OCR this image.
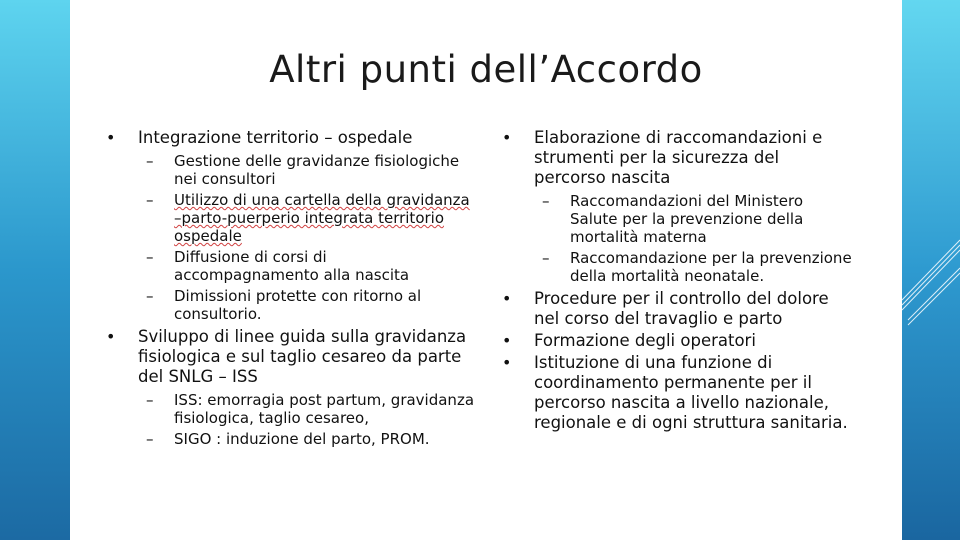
Altri punti dell’Accordo
• Integrazione territorio – ospedale
– Gestione delle gravidanze fisiologiche nei consultori
– Utilizzo di una cartella della gravidanza –parto-puerperio integrata territorio ospedale
– Diffusione di corsi di accompagnamento alla nascita
– Dimissioni protette con ritorno al consultorio.
• Sviluppo di linee guida sulla gravidanza fisiologica e sul taglio cesareo da parte del SNLG – ISS
– ISS: emorragia post partum, gravidanza fisiologica, taglio cesareo,
– SIGO : induzione del parto, PROM.
• Elaborazione di raccomandazioni e strumenti per la sicurezza del percorso nascita
– Raccomandazioni del Ministero Salute per la prevenzione della mortalità materna
– Raccomandazione per la prevenzione della mortalità neonatale.
• Procedure per il controllo del dolore nel corso del travaglio e parto
• Formazione degli operatori
• Istituzione di una funzione di coordinamento permanente per il percorso nascita a livello nazionale, regionale e di ogni struttura sanitaria.
